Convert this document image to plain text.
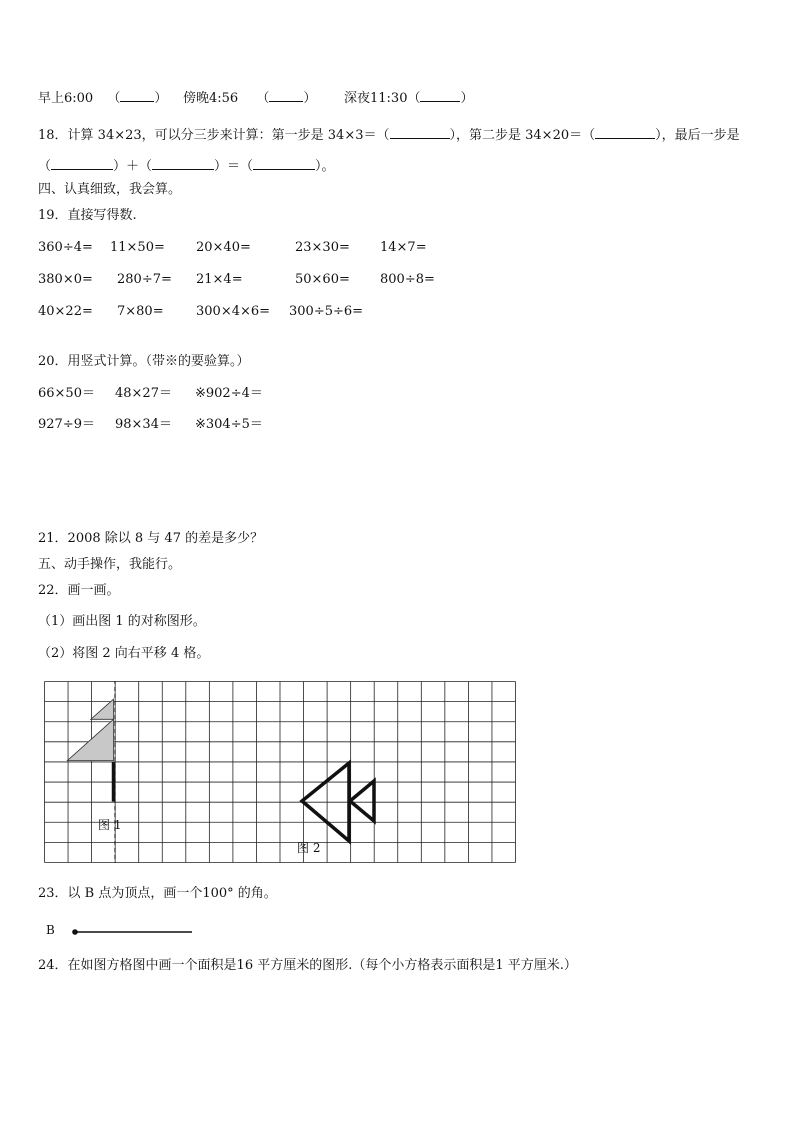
早上6:00 （	） 傍晚4:56 （	） 深夜11:30（	）
18．计算 34×23，可以分三步来计算：第一步是 34×3＝（	），第二步是 34×20＝（	），最后一步是
（	）＋（	）＝（	）。
四、认真细致，我会算。
19．直接写得数.
360÷4= 11×50= 20×40=	23×30= 14×7=
380×0= 280÷7= 21×4=	50×60= 800÷8=
40×22= 7×80= 300×4×6= 300÷5÷6=
20．用竖式计算。（带※的要验算。）
66×50＝ 48×27＝ ※902÷4＝
927÷9＝ 98×34＝ ※304÷5＝
21．2008 除以 8 与 47 的差是多少？
五、动手操作，我能行。
22．画一画。
（1）画出图 1 的对称图形。
（2）将图 2 向右平移 4 格。
图 1
图 2
23．以 B 点为顶点，画一个100° 的角。
B
24．在如图方格图中画一个面积是16 平方厘米的图形.（每个小方格表示面积是1 平方厘米.）
